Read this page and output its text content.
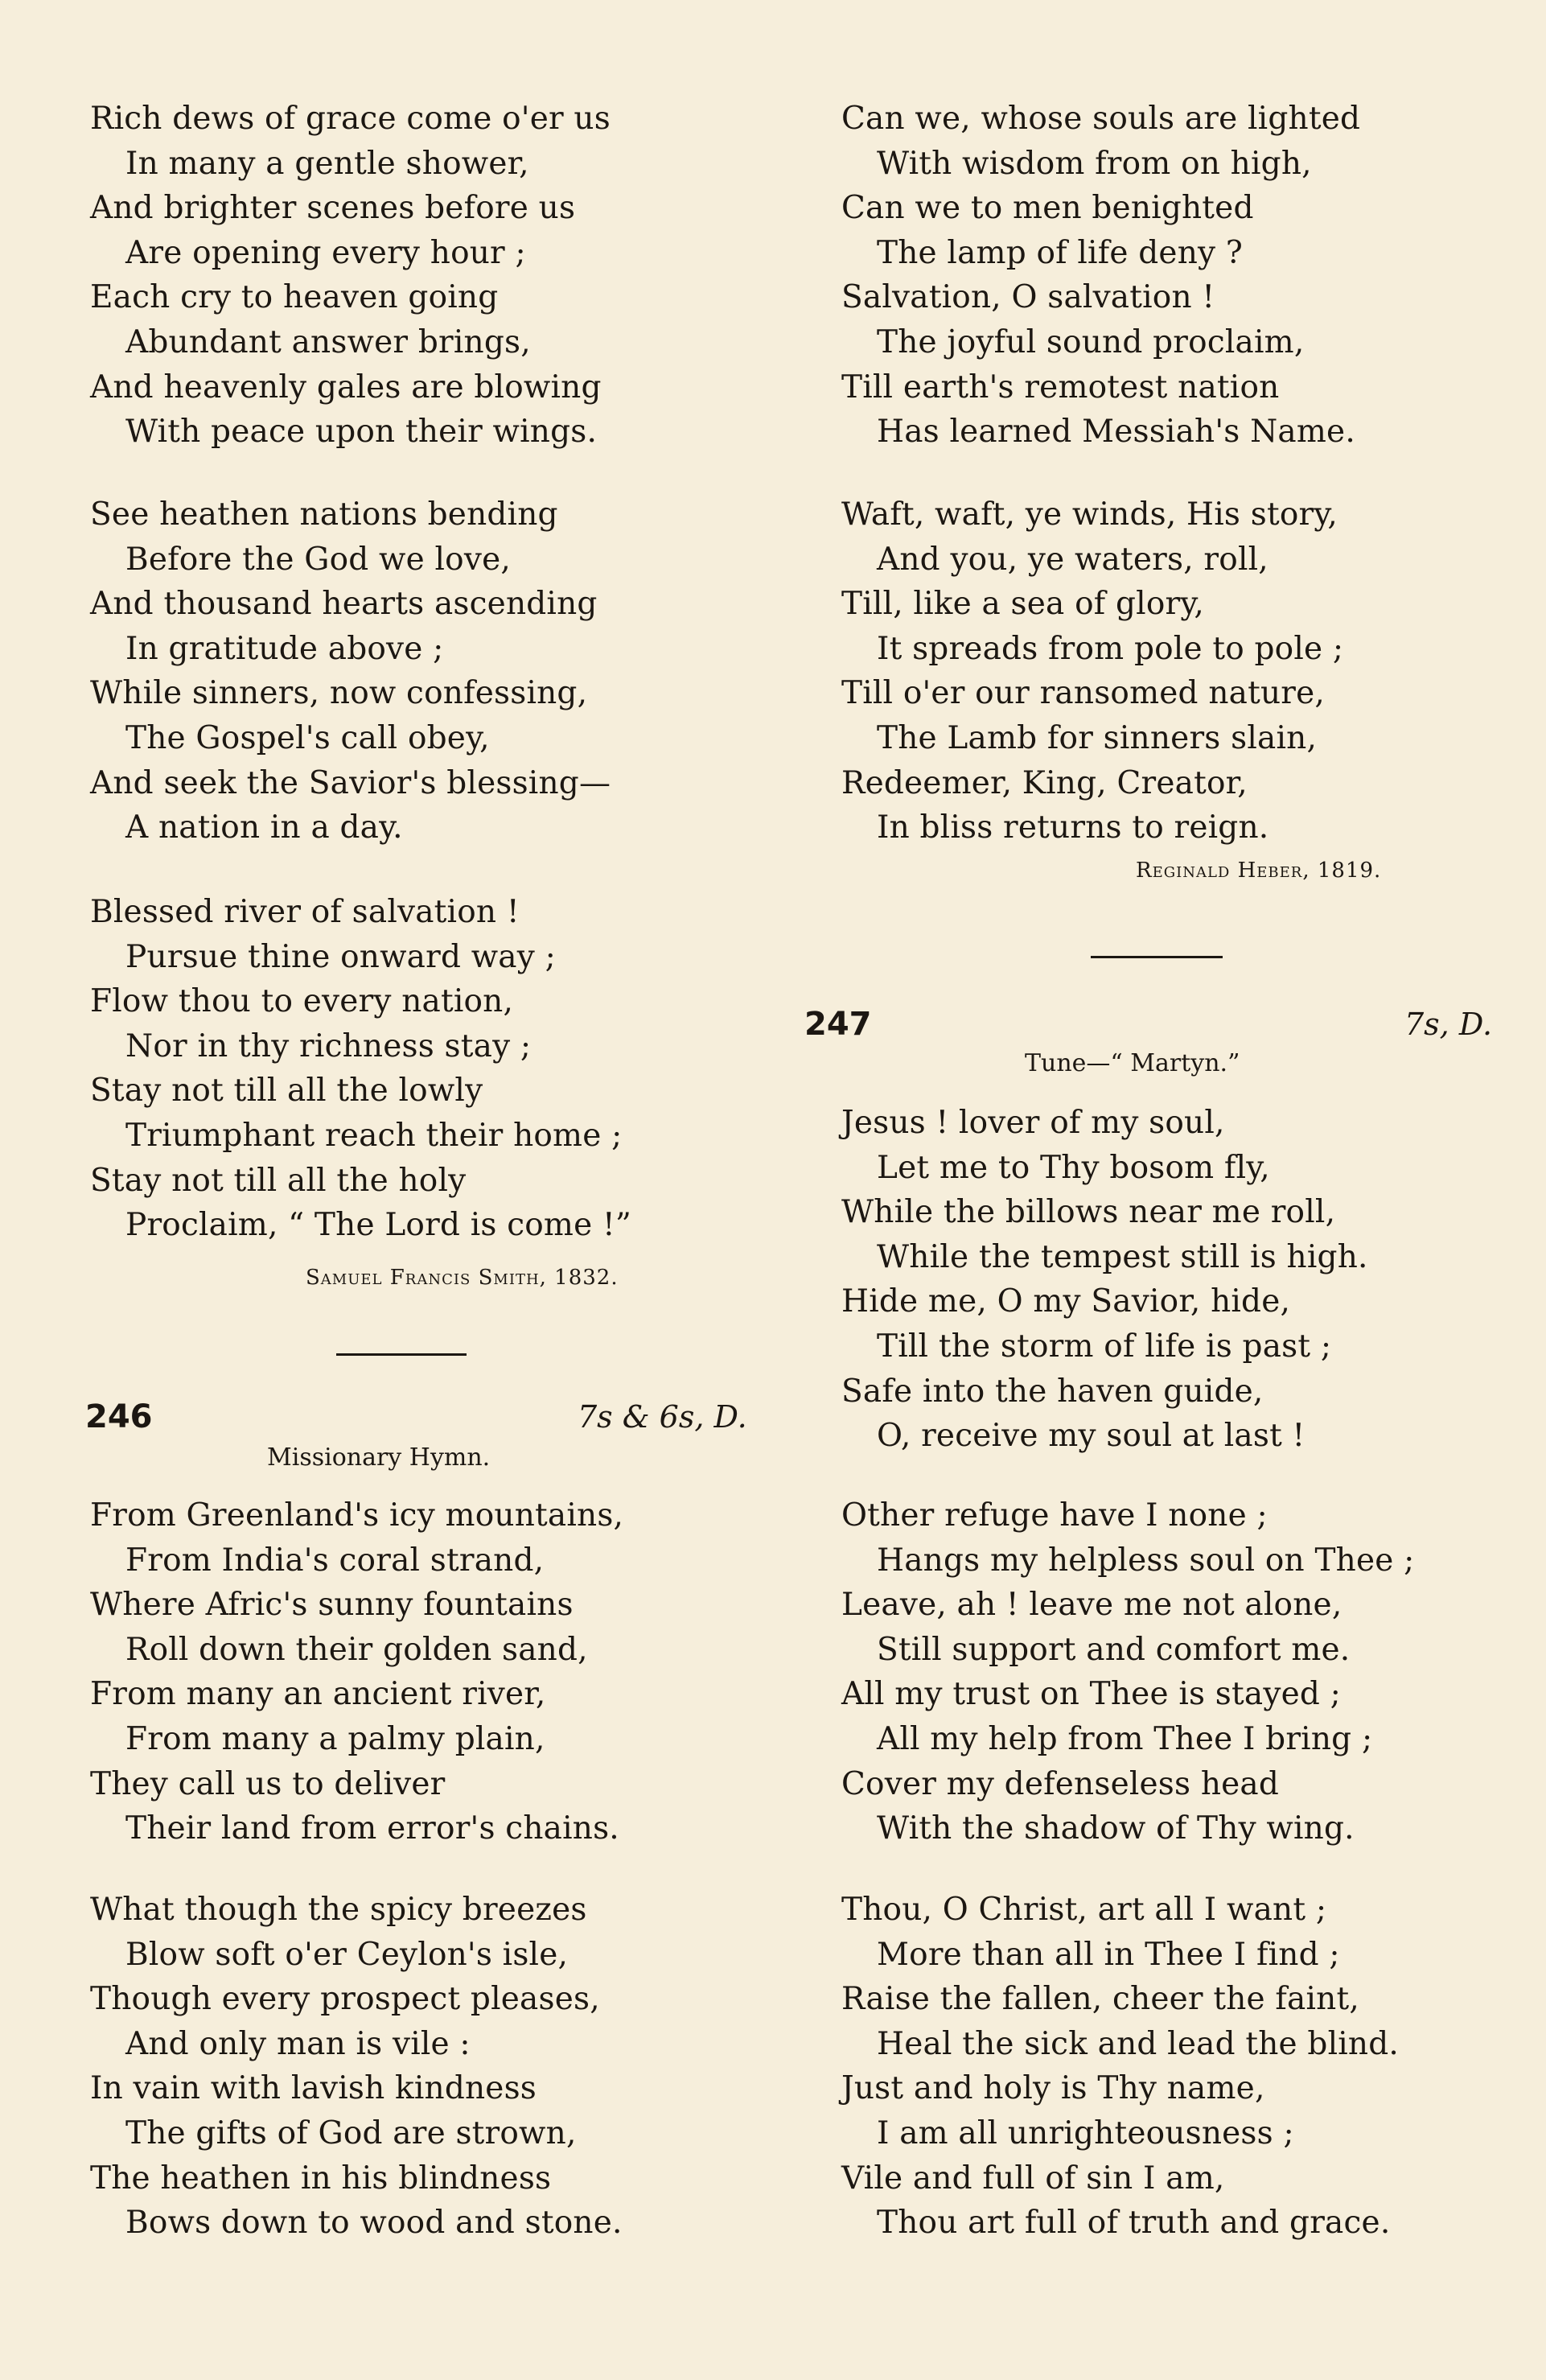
Rich dews of grace come o'er us
In many a gentle shower,
And brighter scenes before us
Are opening every hour ;
Each cry to heaven going
Abundant answer brings,
And heavenly gales are blowing
With peace upon their wings.
See heathen nations bending
Before the God we love,
And thousand hearts ascending
In gratitude above ;
While sinners, now confessing,
The Gospel's call obey,
And seek the Savior's blessing—
A nation in a day.
Blessed river of salvation !
Pursue thine onward way ;
Flow thou to every nation,
Nor in thy richness stay ;
Stay not till all the lowly
Triumphant reach their home ;
Stay not till all the holy
Proclaim, “ The Lord is come !”
Samuel Francis Smith, 1832.
246	7s & 6s, D.
Missionary Hymn.
From Greenland's icy mountains,
From India's coral strand,
Where Afric's sunny fountains
Roll down their golden sand,
From many an ancient river,
From many a palmy plain,
They call us to deliver
Their land from error's chains.
What though the spicy breezes
Blow soft o'er Ceylon's isle,
Though every prospect pleases,
And only man is vile :
In vain with lavish kindness
The gifts of God are strown,
The heathen in his blindness
Bows down to wood and stone.
Can we, whose souls are lighted
With wisdom from on high,
Can we to men benighted
The lamp of life deny ?
Salvation, O salvation !
The joyful sound proclaim,
Till earth's remotest nation
Has learned Messiah's Name.
Waft, waft, ye winds, His story,
And you, ye waters, roll,
Till, like a sea of glory,
It spreads from pole to pole ;
Till o'er our ransomed nature,
The Lamb for sinners slain,
Redeemer, King, Creator,
In bliss returns to reign.
Reginald Heber, 1819.
247	7s, D.
Tune—“ Martyn.”
Jesus ! lover of my soul,
Let me to Thy bosom fly,
While the billows near me roll,
While the tempest still is high.
Hide me, O my Savior, hide,
Till the storm of life is past ;
Safe into the haven guide,
O, receive my soul at last !
Other refuge have I none ;
Hangs my helpless soul on Thee ;
Leave, ah ! leave me not alone,
Still support and comfort me.
All my trust on Thee is stayed ;
All my help from Thee I bring ;
Cover my defenseless head
With the shadow of Thy wing.
Thou, O Christ, art all I want ;
More than all in Thee I find ;
Raise the fallen, cheer the faint,
Heal the sick and lead the blind.
Just and holy is Thy name,
I am all unrighteousness ;
Vile and full of sin I am,
Thou art full of truth and grace.
